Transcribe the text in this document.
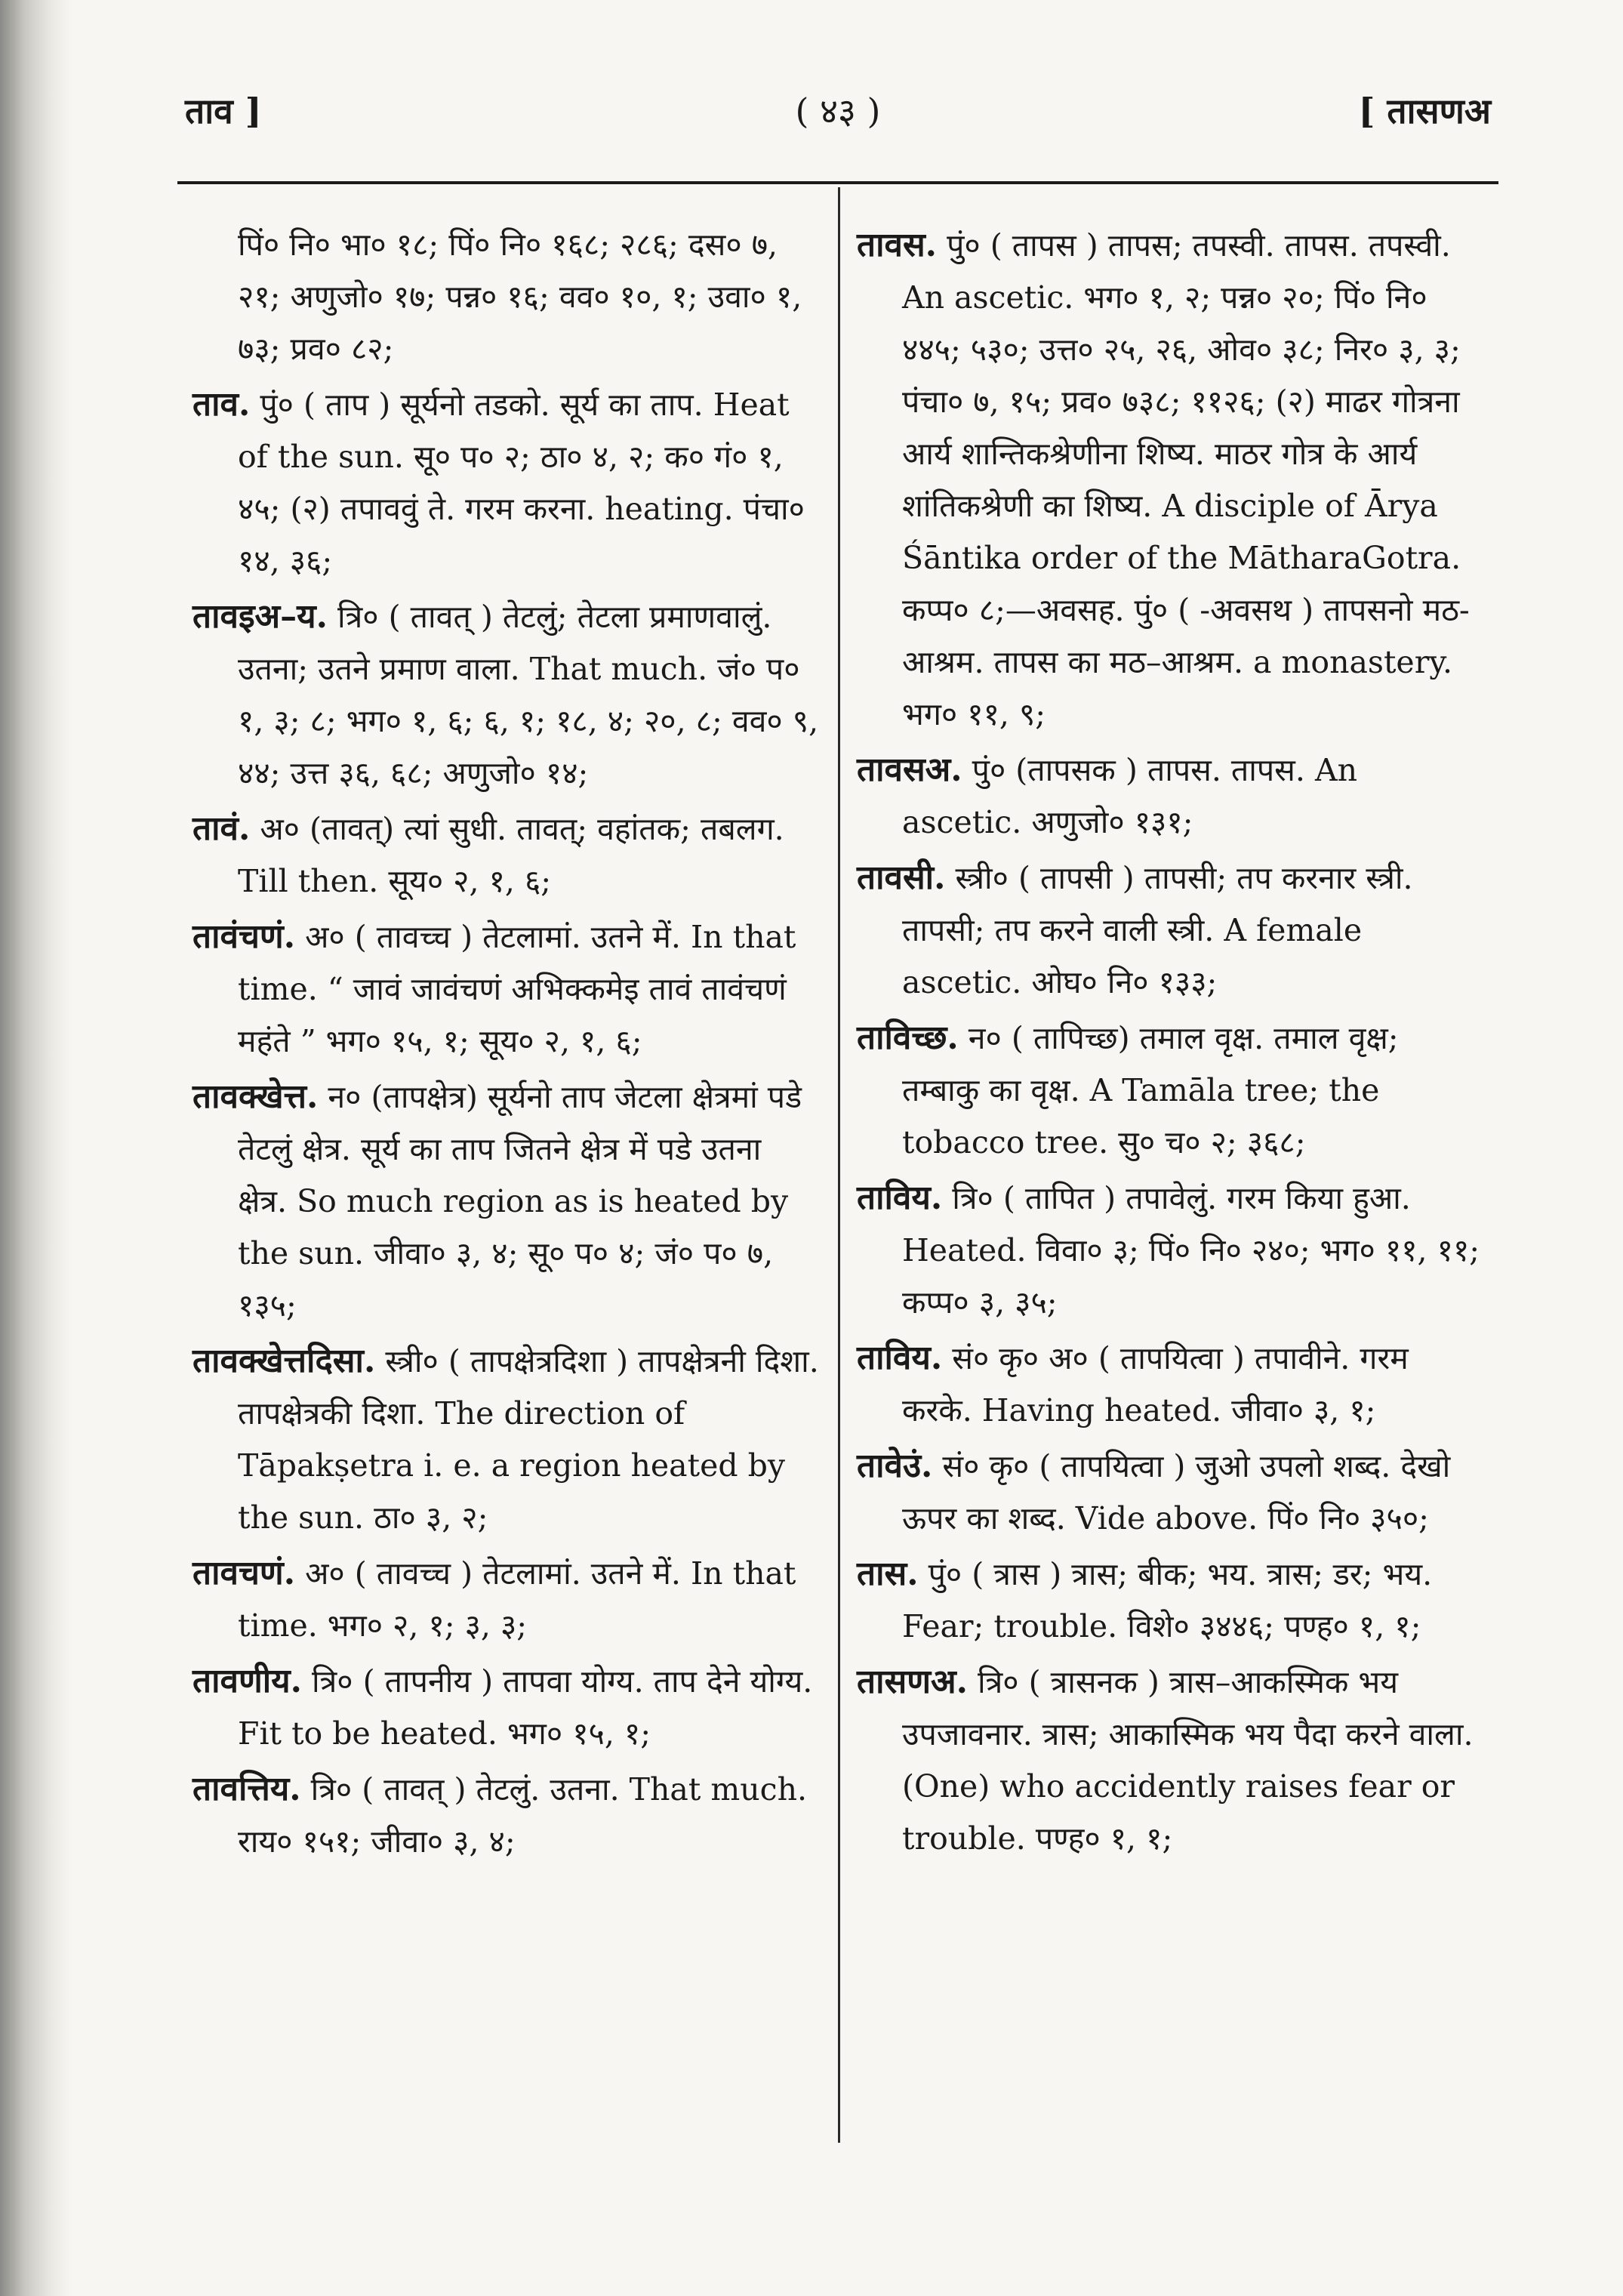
ताव ]	( ४३ )	[ तासणअ

पिं० नि० भा० १८; पिं० नि० १६८; २८६; दस० ७, २१; अणुजो० १७; पन्न० १६; वव० १०, १; उवा० १, ७३; प्रव० ८२;

ताव. पुं० ( ताप ) सूर्यनो तडको. सूर्य का ताप. Heat of the sun. सू० प० २; ठा० ४, २; क० गं० १, ४५; (२) तपाववुं ते. गरम करना. heating. पंचा० १४, ३६;

तावइअ–य. त्रि० ( तावत् ) तेटलुं; तेटला प्रमाणवालुं. उतना; उतने प्रमाण वाला. That much. जं० प० १, ३; ८; भग० १, ६; ६, १; १८, ४; २०, ८; वव० ९, ४४; उत्त ३६, ६८; अणुजो० १४;

तावं. अ० (तावत्) त्यां सुधी. तावत्; वहांतक; तबलग. Till then. सूय० २, १, ६;

तावंचणं. अ० ( तावच्च ) तेटलामां. उतने में. In that time. “ जावं जावंचणं अभिक्कमेइ तावं तावंचणं महंते ” भग० १५, १; सूय० २, १, ६;

तावक्खेत्त. न० (तापक्षेत्र) सूर्यनो ताप जेटला क्षेत्रमां पडे तेटलुं क्षेत्र. सूर्य का ताप जितने क्षेत्र में पडे उतना क्षेत्र. So much region as is heated by the sun. जीवा० ३, ४; सू० प० ४; जं० प० ७, १३५;

तावक्खेत्तदिसा. स्त्री० ( तापक्षेत्रदिशा ) तापक्षेत्रनी दिशा. तापक्षेत्रकी दिशा. The direction of Tāpakṣetra i. e. a region heated by the sun. ठा० ३, २;

तावचणं. अ० ( तावच्च ) तेटलामां. उतने में. In that time. भग० २, १; ३, ३;

तावणीय. त्रि० ( तापनीय ) तापवा योग्य. ताप देने योग्य. Fit to be heated. भग० १५, १;

तावत्तिय. त्रि० ( तावत् ) तेटलुं. उतना. That much. राय० १५१; जीवा० ३, ४;

तावस. पुं० ( तापस ) तापस; तपस्वी. तापस. तपस्वी. An ascetic. भग० १, २; पन्न० २०; पिं० नि० ४४५; ५३०; उत्त० २५, २६, ओव० ३८; निर० ३, ३; पंचा० ७, १५; प्रव० ७३८; ११२६; (२) माढर गोत्रना आर्य शान्तिकश्रेणीना शिष्य. माठर गोत्र के आर्य शांतिकश्रेणी का शिष्य. A disciple of Ārya Śāntika order of the MātharaGotra. कप्प० ८;—अवसह. पुं० ( -अवसथ ) तापसनो मठ-आश्रम. तापस का मठ–आश्रम. a monastery. भग० ११, ९;

तावसअ. पुं० (तापसक ) तापस. तापस. An ascetic. अणुजो० १३१;

तावसी. स्त्री० ( तापसी ) तापसी; तप करनार स्त्री. तापसी; तप करने वाली स्त्री. A female ascetic. ओघ० नि० १३३;

ताविच्छ. न० ( तापिच्छ) तमाल वृक्ष. तमाल वृक्ष; तम्बाकु का वृक्ष. A Tamāla tree; the tobacco tree. सु० च० २; ३६८;

ताविय. त्रि० ( तापित ) तपावेलुं. गरम किया हुआ. Heated. विवा० ३; पिं० नि० २४०; भग० ११, ११; कप्प० ३, ३५;

ताविय. सं० कृ० अ० ( तापयित्वा ) तपावीने. गरम करके. Having heated. जीवा० ३, १;

तावेउं. सं० कृ० ( तापयित्वा ) जुओ उपलो शब्द. देखो ऊपर का शब्द. Vide above. पिं० नि० ३५०;

तास. पुं० ( त्रास ) त्रास; बीक; भय. त्रास; डर; भय. Fear; trouble. विशे० ३४४६; पण्ह० १, १;

तासणअ. त्रि० ( त्रासनक ) त्रास–आकस्मिक भय उपजावनार. त्रास; आकास्मिक भय पैदा करने वाला. (One) who accidently raises fear or trouble. पण्ह० १, १;
